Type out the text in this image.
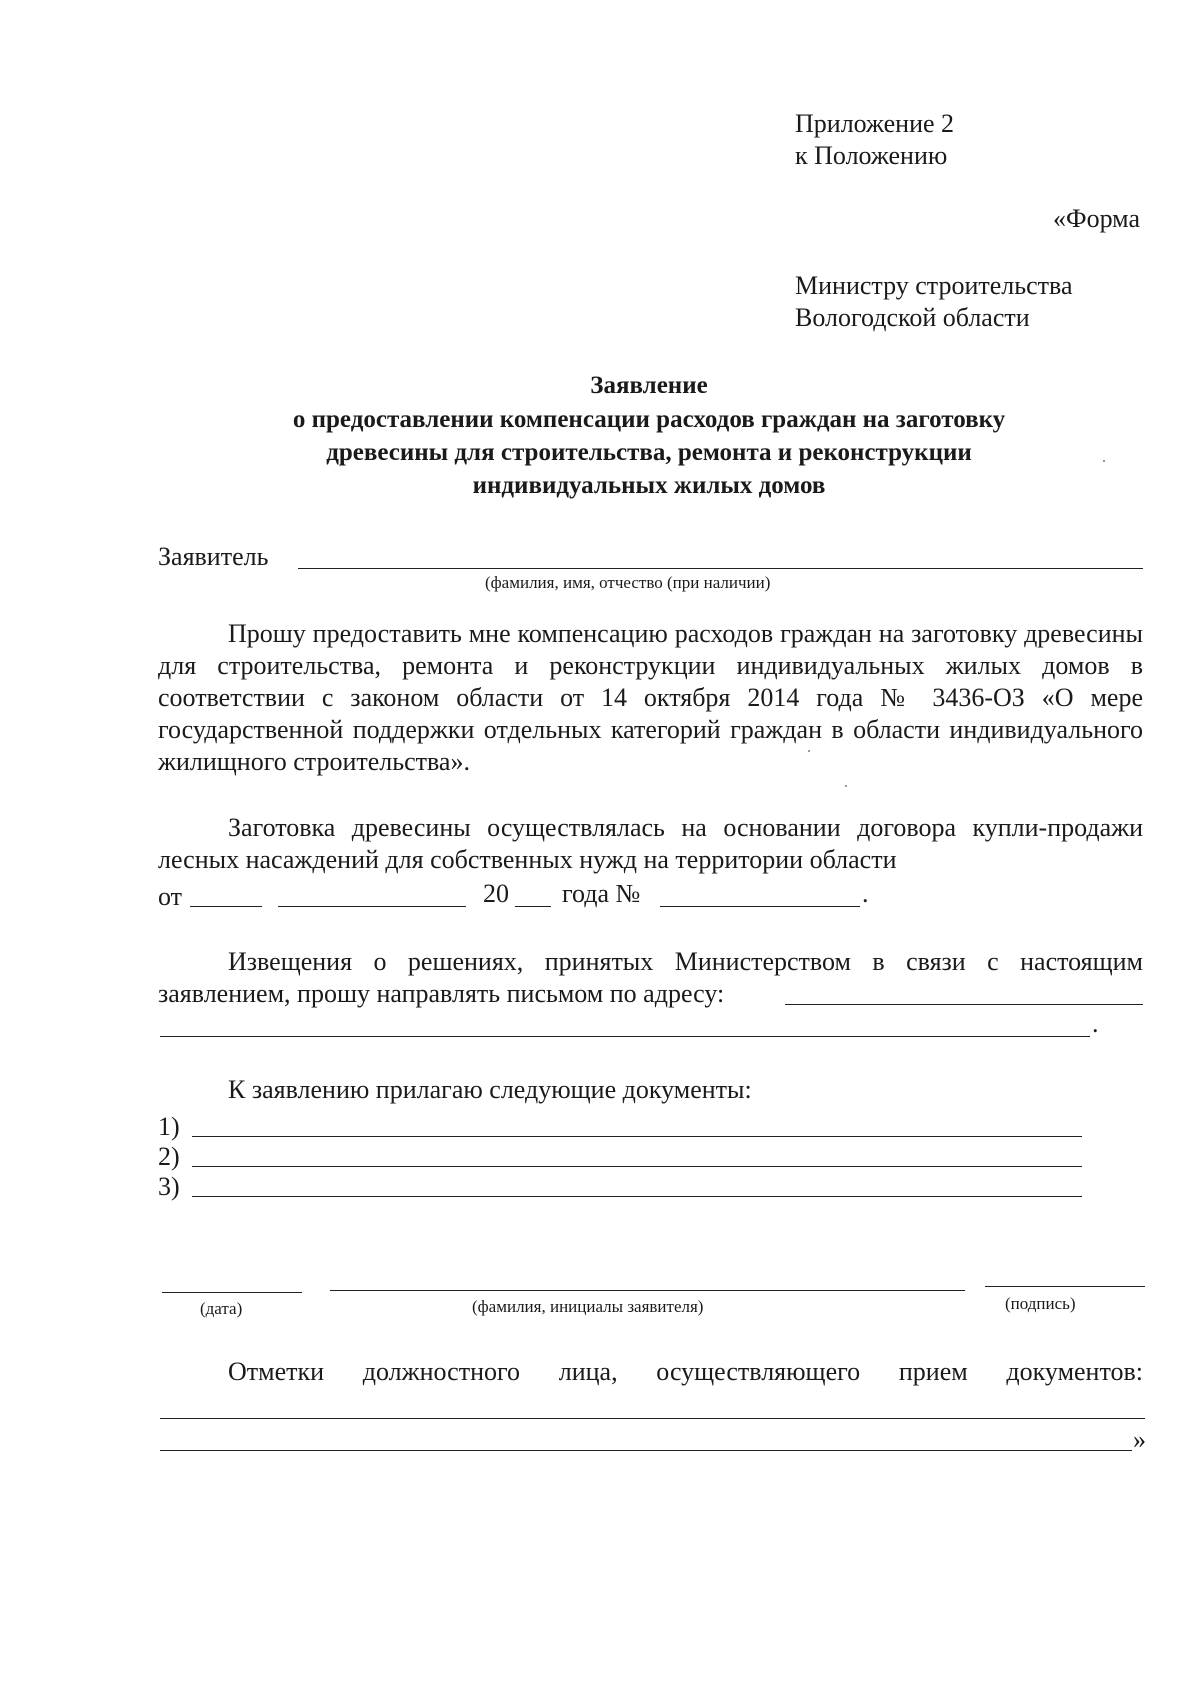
Приложение 2
к Положению
«Форма
Министру строительства
Вологодской области
Заявление
о предоставлении компенсации расходов граждан на заготовку
древесины для строительства, ремонта и реконструкции
индивидуальных жилых домов
Заявитель
(фамилия, имя, отчество (при наличии)
Прошу предоставить мне компенсацию расходов граждан на заготовку древесины для строительства, ремонта и реконструкции индивидуальных жилых домов в соответствии с законом области от 14 октября 2014 года № 3436-ОЗ «О мере государственной поддержки отдельных категорий граждан в области индивидуального жилищного строительства».
Заготовка древесины осуществлялась на основании договора купли-продажи лесных насаждений для собственных нужд на территории области
от	20 года №	.
Извещения о решениях, принятых Министерством в связи с настоящим заявлением, прошу направлять письмом по адресу:
.
К заявлению прилагаю следующие документы:
1)
2)
3)
(дата)	(фамилия, инициалы заявителя)	(подпись)
Отметки должностного лица, осуществляющего прием документов:
»
